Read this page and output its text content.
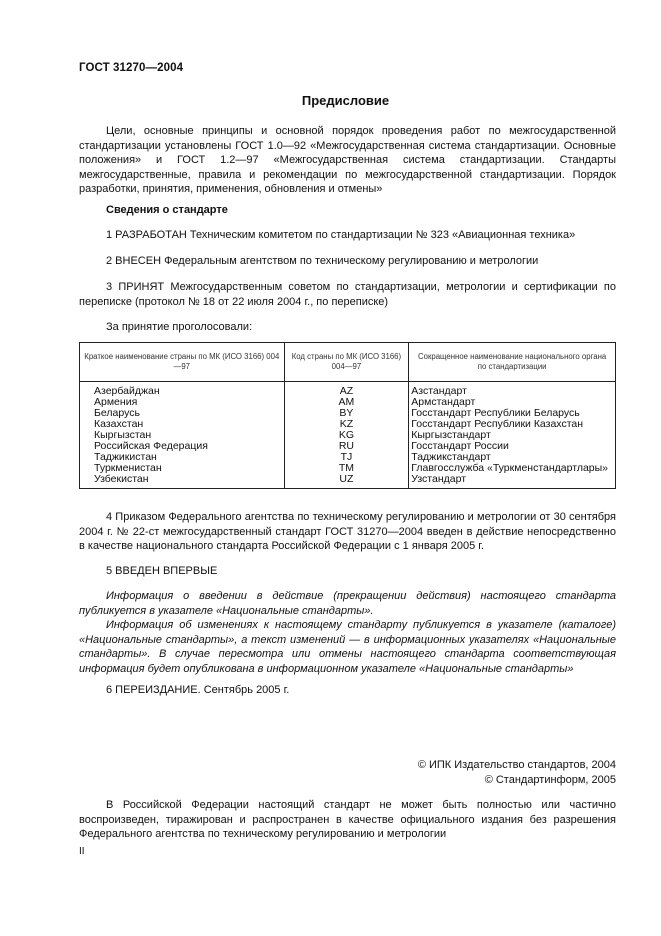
ГОСТ 31270—2004
Предисловие
Цели, основные принципы и основной порядок проведения работ по межгосударственной стандартизации установлены ГОСТ 1.0—92 «Межгосударственная система стандартизации. Основные положения» и ГОСТ 1.2—97 «Межгосударственная система стандартизации. Стандарты межгосударственные, правила и рекомендации по межгосударственной стандартизации. Порядок разработки, принятия, применения, обновления и отмены»
Сведения о стандарте
1 РАЗРАБОТАН Техническим комитетом по стандартизации № 323 «Авиационная техника»
2 ВНЕСЕН Федеральным агентством по техническому регулированию и метрологии
3 ПРИНЯТ Межгосударственным советом по стандартизации, метрологии и сертификации по переписке (протокол № 18 от 22 июля 2004 г., по переписке)
За принятие проголосовали:
Краткое наименование страны по МК (ИСО 3166) 004—97	Код страны по МК (ИСО 3166) 004—97	Сокращенное наименование национального органа по стандартизации
Азербайджан	AZ	Азстандарт
Армения	AM	Армстандарт
Беларусь	BY	Госстандарт Республики Беларусь
Казахстан	KZ	Госстандарт Республики Казахстан
Кыргызстан	KG	Кыргызстандарт
Российская Федерация	RU	Госстандарт России
Таджикистан	TJ	Таджикстандарт
Туркменистан	TM	Главгосслужба «Туркменстандартлары»
Узбекистан	UZ	Узстандарт
4 Приказом Федерального агентства по техническому регулированию и метрологии от 30 сентября 2004 г. № 22-ст межгосударственный стандарт ГОСТ 31270—2004 введен в действие непосредственно в качестве национального стандарта Российской Федерации с 1 января 2005 г.
5 ВВЕДЕН ВПЕРВЫЕ
Информация о введении в действие (прекращении действия) настоящего стандарта публикуется в указателе «Национальные стандарты».
Информация об изменениях к настоящему стандарту публикуется в указателе (каталоге) «Национальные стандарты», а текст изменений — в информационных указателях «Национальные стандарты». В случае пересмотра или отмены настоящего стандарта соответствующая информация будет опубликована в информационном указателе «Национальные стандарты»
6 ПЕРЕИЗДАНИЕ. Сентябрь 2005 г.
© ИПК Издательство стандартов, 2004
© Стандартинформ, 2005
В Российской Федерации настоящий стандарт не может быть полностью или частично воспроизведен, тиражирован и распространен в качестве официального издания без разрешения Федерального агентства по техническому регулированию и метрологии
II
